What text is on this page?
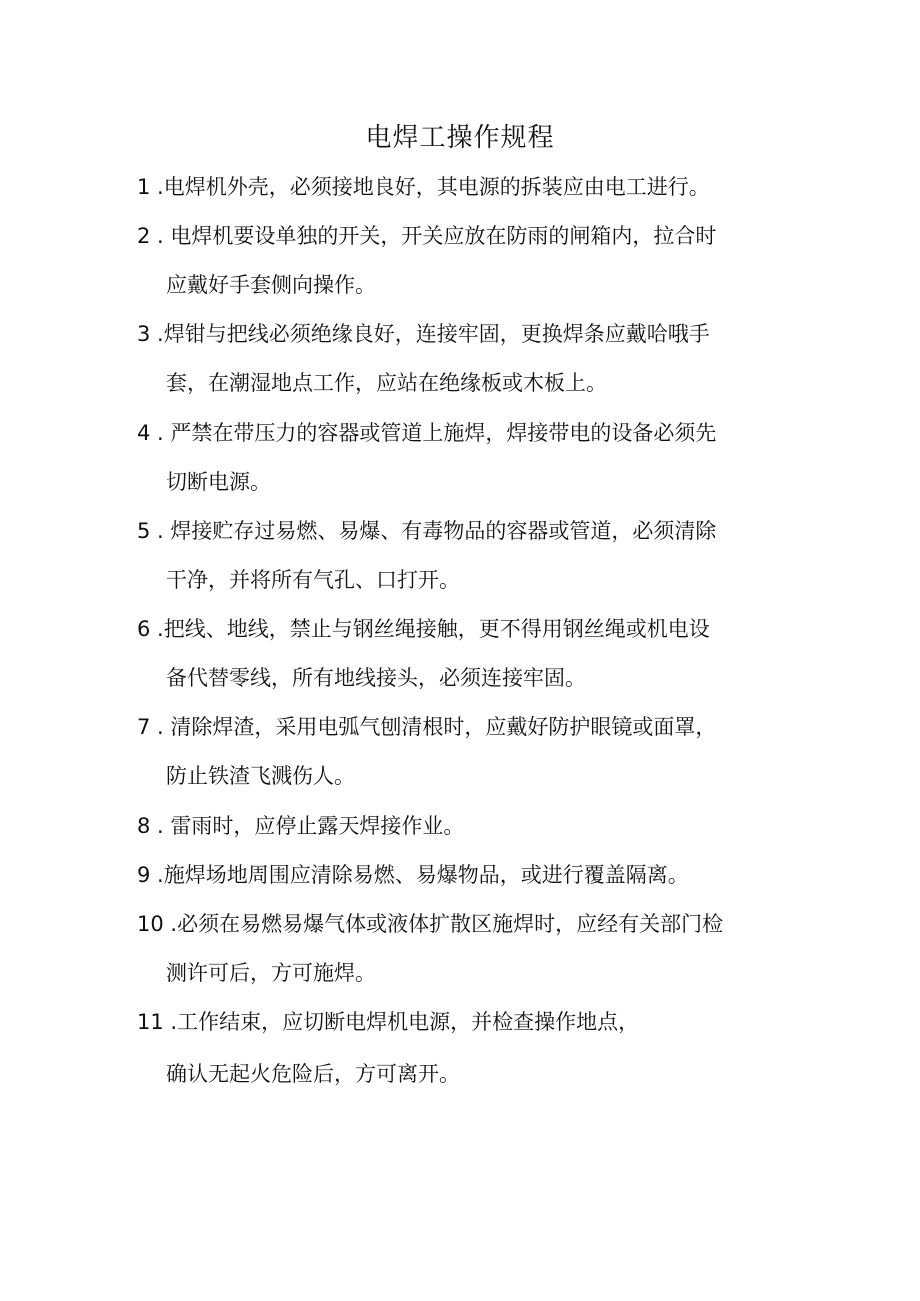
电焊工操作规程
1 .电焊机外壳，必须接地良好，其电源的拆装应由电工进行。
2 . 电焊机要设单独的开关，开关应放在防雨的闸箱内，拉合时
应戴好手套侧向操作。
3 .焊钳与把线必须绝缘良好，连接牢固，更换焊条应戴哈哦手
套，在潮湿地点工作，应站在绝缘板或木板上。
4 . 严禁在带压力的容器或管道上施焊，焊接带电的设备必须先
切断电源。
5 . 焊接贮存过易燃、易爆、有毒物品的容器或管道，必须清除
干净，并将所有气孔、口打开。
6 .把线、地线，禁止与钢丝绳接触，更不得用钢丝绳或机电设
备代替零线，所有地线接头，必须连接牢固。
7 . 清除焊渣，采用电弧气刨清根时，应戴好防护眼镜或面罩，
防止铁渣飞溅伤人。
8 . 雷雨时，应停止露天焊接作业。
9 .施焊场地周围应清除易燃、易爆物品，或进行覆盖隔离。
10 .必须在易燃易爆气体或液体扩散区施焊时，应经有关部门检
测许可后，方可施焊。
11 .工作结束，应切断电焊机电源，并检查操作地点，
确认无起火危险后，方可离开。
